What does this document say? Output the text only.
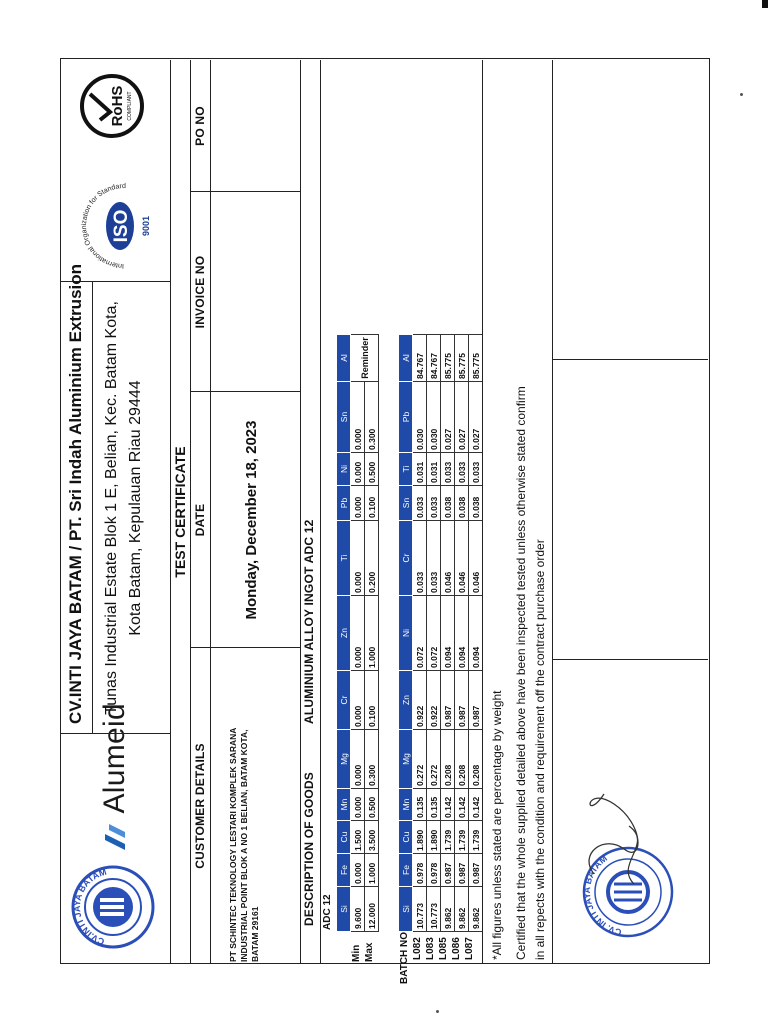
CV.INTI JAYA BATAM
Alumeid
CV.INTI JAYA BATAM / PT. Sri Indah Aluminium Extrusion Tunas Industrial Estate Blok 1 E, Belian, Kec. Batam Kota, Kota Batam, Kepulauan Riau 29444
International Organization for Standard
ISO 9001
RoHS COMPLIANT
TEST CERTIFICATE
CUSTOMER DETAILS
DATE
INVOICE NO
PO NO
PT SCHINTEC TEKNOLOGY LESTARI KOMPLEK SARANA INDUSTRIAL POINT BLOK A NO 1 BELIAN, BATAM KOTA, BATAM 29161
Monday, December 18, 2023
DESCRIPTION OF GOODS
ALUMINIUM ALLOY INGOT ADC 12
ADC 12
Min Max
Si	Fe	Cu	Mn	Mg	Cr	Zn	Ti	Pb	Ni	Sn	Al
9.600	0.000	1.500	0.000	0.000	0.000	0.000	0.000	0.000	0.000	0.000	Reminder
12.000	1.000	3.500	0.500	0.300	0.100	1.000	0.200	0.100	0.500	0.300	
BATCH NO L082 L083 L085 L086 L087
Si	Fe	Cu	Mn	Mg	Zn	Ni	Cr	Sn	Ti	Pb	Al
10.773	0.978	1.890	0.135	0.272	0.922	0.072	0.033	0.033	0.031	0.030	84.767
10.773	0.978	1.890	0.135	0.272	0.922	0.072	0.033	0.033	0.031	0.030	84.767
9.862	0.987	1.739	0.142	0.208	0.987	0.094	0.046	0.038	0.033	0.027	85.775
9.862	0.987	1.739	0.142	0.208	0.987	0.094	0.046	0.038	0.033	0.027	85.775
9.862	0.987	1.739	0.142	0.208	0.987	0.094	0.046	0.038	0.033	0.027	85.775
*All figures unless stated are percentage by weight Certified that the whole supplied detailed above have been inspected tested unless otherwise stated confirm in all repects with the condition and requirement off the contract purchase order	CV. INTI JAYA BATAM
